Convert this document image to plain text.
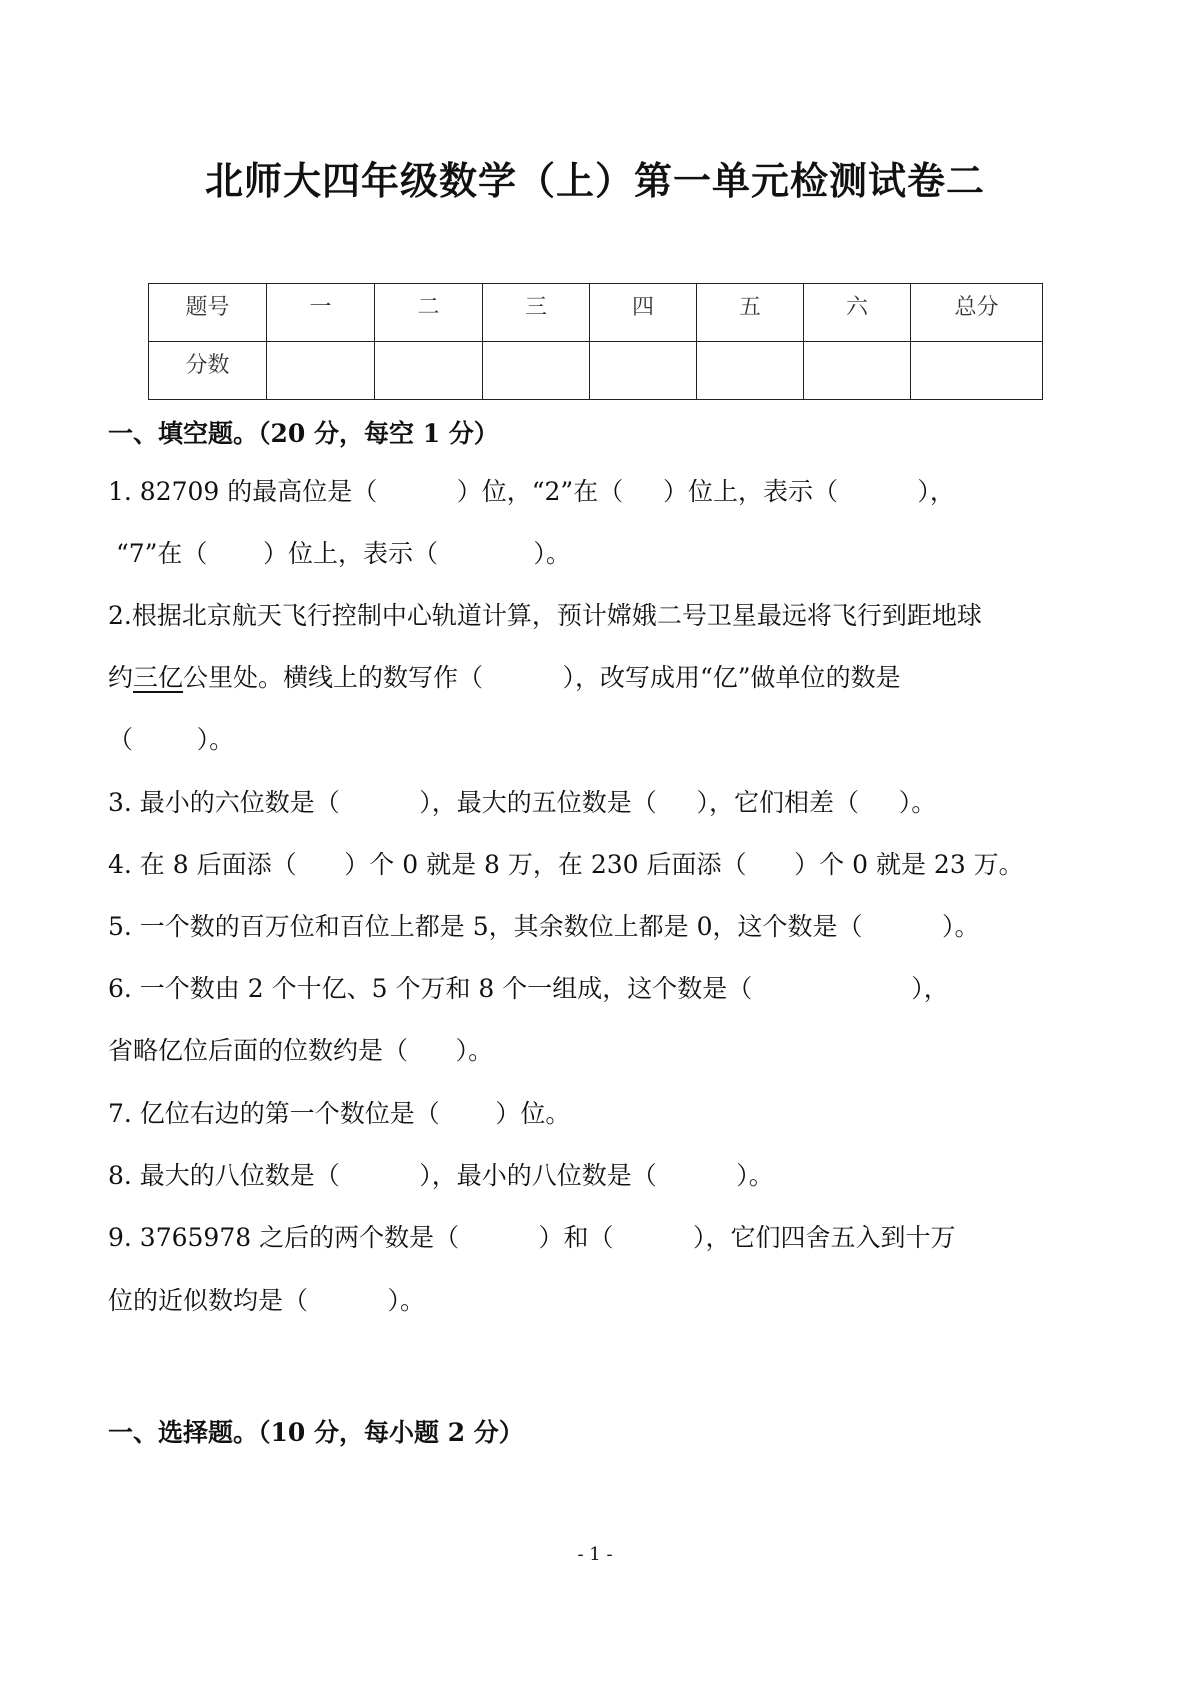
北师大四年级数学（上）第一单元检测试卷二
题号	一	二	三	四	五	六	总分
分数							
一、填空题。（20 分，每空 1 分）
1. 82709 的最高位是（          ）位，“2”在（     ）位上，表示（          ），
“7”在（       ）位上，表示（            ）。
2.根据北京航天飞行控制中心轨道计算，预计嫦娥二号卫星最远将飞行到距地球
约三亿公里处。横线上的数写作（          ），改写成用“亿”做单位的数是
（        ）。
3. 最小的六位数是（          ），最大的五位数是（     ），它们相差（     ）。
4. 在 8 后面添（      ）个 0 就是 8 万，在 230 后面添（      ）个 0 就是 23 万。
5. 一个数的百万位和百位上都是 5，其余数位上都是 0，这个数是（          ）。
6. 一个数由 2 个十亿、5 个万和 8 个一组成，这个数是（                    ），
省略亿位后面的位数约是（      ）。
7. 亿位右边的第一个数位是（       ）位。
8. 最大的八位数是（          ），最小的八位数是（          ）。
9. 3765978 之后的两个数是（          ）和（          ），它们四舍五入到十万
位的近似数均是（          ）。
一、选择题。（10 分，每小题 2 分）
- 1 -
